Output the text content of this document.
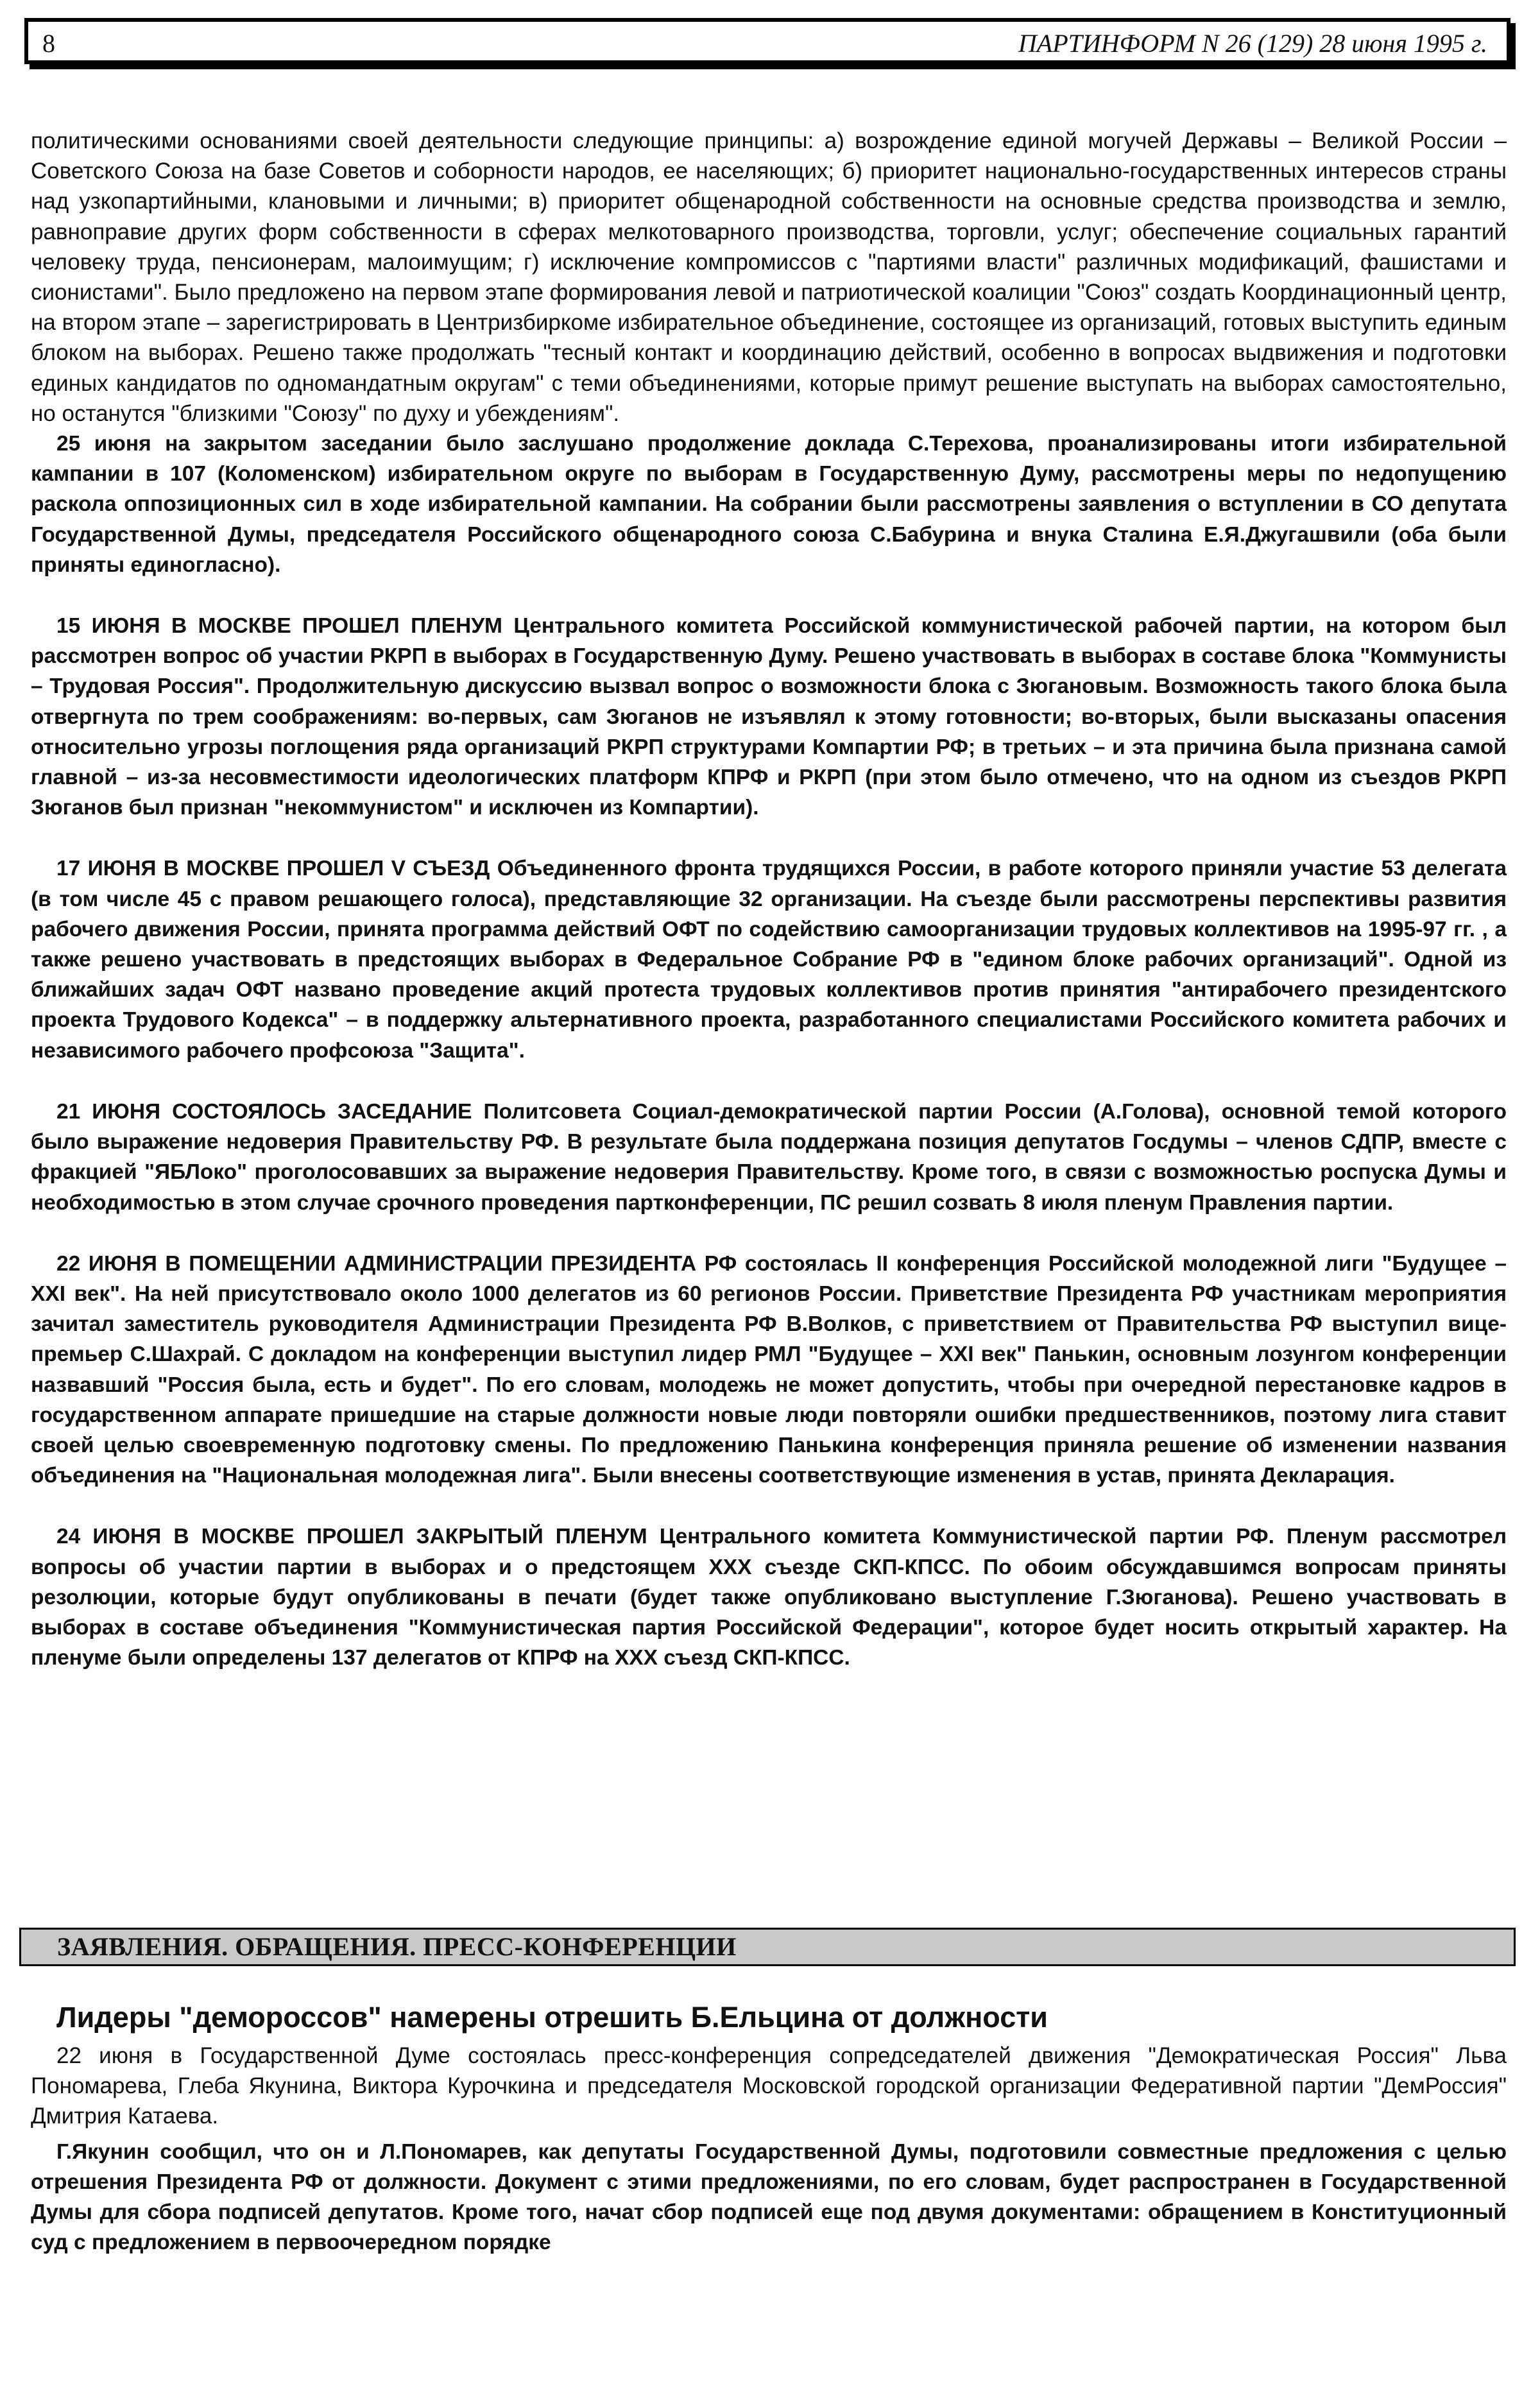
8	ПАРТИНФОРМ N 26 (129) 28 июня 1995 г.

политическими основаниями своей деятельности следующие принципы: а) возрождение единой могучей Державы – Великой России – Советского Союза на базе Советов и соборности народов, ее населяющих; б) приоритет национально-государственных интересов страны над узкопартийными, клановыми и личными; в) приоритет общенародной собственности на основные средства производства и землю, равноправие других форм собственности в сферах мелкотоварного производства, торговли, услуг; обеспечение социальных гарантий человеку труда, пенсионерам, малоимущим; г) исключение компромиссов с "партиями власти" различных модификаций, фашистами и сионистами". Было предложено на первом этапе формирования левой и патриотической коалиции "Союз" создать Координационный центр, на втором этапе – зарегистрировать в Центризбиркоме избирательное объединение, состоящее из организаций, готовых выступить единым блоком на выборах. Решено также продолжать "тесный контакт и координацию действий, особенно в вопросах выдвижения и подготовки единых кандидатов по одномандатным округам" с теми объединениями, которые примут решение выступать на выборах самостоятельно, но останутся "близкими "Союзу" по духу и убеждениям".

25 июня на закрытом заседании было заслушано продолжение доклада С.Терехова, проанализированы итоги избирательной кампании в 107 (Коломенском) избирательном округе по выборам в Государственную Думу, рассмотрены меры по недопущению раскола оппозиционных сил в ходе избирательной кампании. На собрании были рассмотрены заявления о вступлении в СО депутата Государственной Думы, председателя Российского общенародного союза С.Бабурина и внука Сталина Е.Я.Джугашвили (оба были приняты единогласно).

15 ИЮНЯ В МОСКВЕ ПРОШЕЛ ПЛЕНУМ Центрального комитета Российской коммунистической рабочей партии, на котором был рассмотрен вопрос об участии РКРП в выборах в Государственную Думу. Решено участвовать в выборах в составе блока "Коммунисты – Трудовая Россия". Продолжительную дискуссию вызвал вопрос о возможности блока с Зюгановым. Возможность такого блока была отвергнута по трем соображениям: во-первых, сам Зюганов не изъявлял к этому готовности; во-вторых, были высказаны опасения относительно угрозы поглощения ряда организаций РКРП структурами Компартии РФ; в третьих – и эта причина была признана самой главной – из-за несовместимости идеологических платформ КПРФ и РКРП (при этом было отмечено, что на одном из съездов РКРП Зюганов был признан "некоммунистом" и исключен из Компартии).

17 ИЮНЯ В МОСКВЕ ПРОШЕЛ V СЪЕЗД Объединенного фронта трудящихся России, в работе которого приняли участие 53 делегата (в том числе 45 с правом решающего голоса), представляющие 32 организации. На съезде были рассмотрены перспективы развития рабочего движения России, принята программа действий ОФТ по содействию самоорганизации трудовых коллективов на 1995-97 гг. , а также решено участвовать в предстоящих выборах в Федеральное Собрание РФ в "едином блоке рабочих организаций". Одной из ближайших задач ОФТ названо проведение акций протеста трудовых коллективов против принятия "антирабочего президентского проекта Трудового Кодекса" – в поддержку альтернативного проекта, разработанного специалистами Российского комитета рабочих и независимого рабочего профсоюза "Защита".

21 ИЮНЯ СОСТОЯЛОСЬ ЗАСЕДАНИЕ Политсовета Социал-демократической партии России (А.Голова), основной темой которого было выражение недоверия Правительству РФ. В результате была поддержана позиция депутатов Госдумы – членов СДПР, вместе с фракцией "ЯБЛоко" проголосовавших за выражение недоверия Правительству. Кроме того, в связи с возможностью роспуска Думы и необходимостью в этом случае срочного проведения партконференции, ПС решил созвать 8 июля пленум Правления партии.

22 ИЮНЯ В ПОМЕЩЕНИИ АДМИНИСТРАЦИИ ПРЕЗИДЕНТА РФ состоялась II конференция Российской молодежной лиги "Будущее – XXI век". На ней присутствовало около 1000 делегатов из 60 регионов России. Приветствие Президента РФ участникам мероприятия зачитал заместитель руководителя Администрации Президента РФ В.Волков, с приветствием от Правительства РФ выступил вице-премьер С.Шахрай. С докладом на конференции выступил лидер РМЛ "Будущее – XXI век" Панькин, основным лозунгом конференции назвавший "Россия была, есть и будет". По его словам, молодежь не может допустить, чтобы при очередной перестановке кадров в государственном аппарате пришедшие на старые должности новые люди повторяли ошибки предшественников, поэтому лига ставит своей целью своевременную подготовку смены. По предложению Панькина конференция приняла решение об изменении названия объединения на "Национальная молодежная лига". Были внесены соответствующие изменения в устав, принята Декларация.

24 ИЮНЯ В МОСКВЕ ПРОШЕЛ ЗАКРЫТЫЙ ПЛЕНУМ Центрального комитета Коммунистической партии РФ. Пленум рассмотрел вопросы об участии партии в выборах и о предстоящем XXX съезде СКП-КПСС. По обоим обсуждавшимся вопросам приняты резолюции, которые будут опубликованы в печати (будет также опубликовано выступление Г.Зюганова). Решено участвовать в выборах в составе объединения "Коммунистическая партия Российской Федерации", которое будет носить открытый характер. На пленуме были определены 137 делегатов от КПРФ на XXX съезд СКП-КПСС.

ЗАЯВЛЕНИЯ. ОБРАЩЕНИЯ. ПРЕСС-КОНФЕРЕНЦИИ
Лидеры "демороссов" намерены отрешить Б.Ельцина от должности

22 июня в Государственной Думе состоялась пресс-конференция сопредседателей движения "Демократическая Россия" Льва Пономарева, Глеба Якунина, Виктора Курочкина и председателя Московской городской организации Федеративной партии "ДемРоссия" Дмитрия Катаева.

Г.Якунин сообщил, что он и Л.Пономарев, как депутаты Государственной Думы, подготовили совместные предложения с целью отрешения Президента РФ от должности. Документ с этими предложениями, по его словам, будет распространен в Государственной Думы для сбора подписей депутатов. Кроме того, начат сбор подписей еще под двумя документами: обращением в Конституционный суд с предложением в первоочередном порядке
